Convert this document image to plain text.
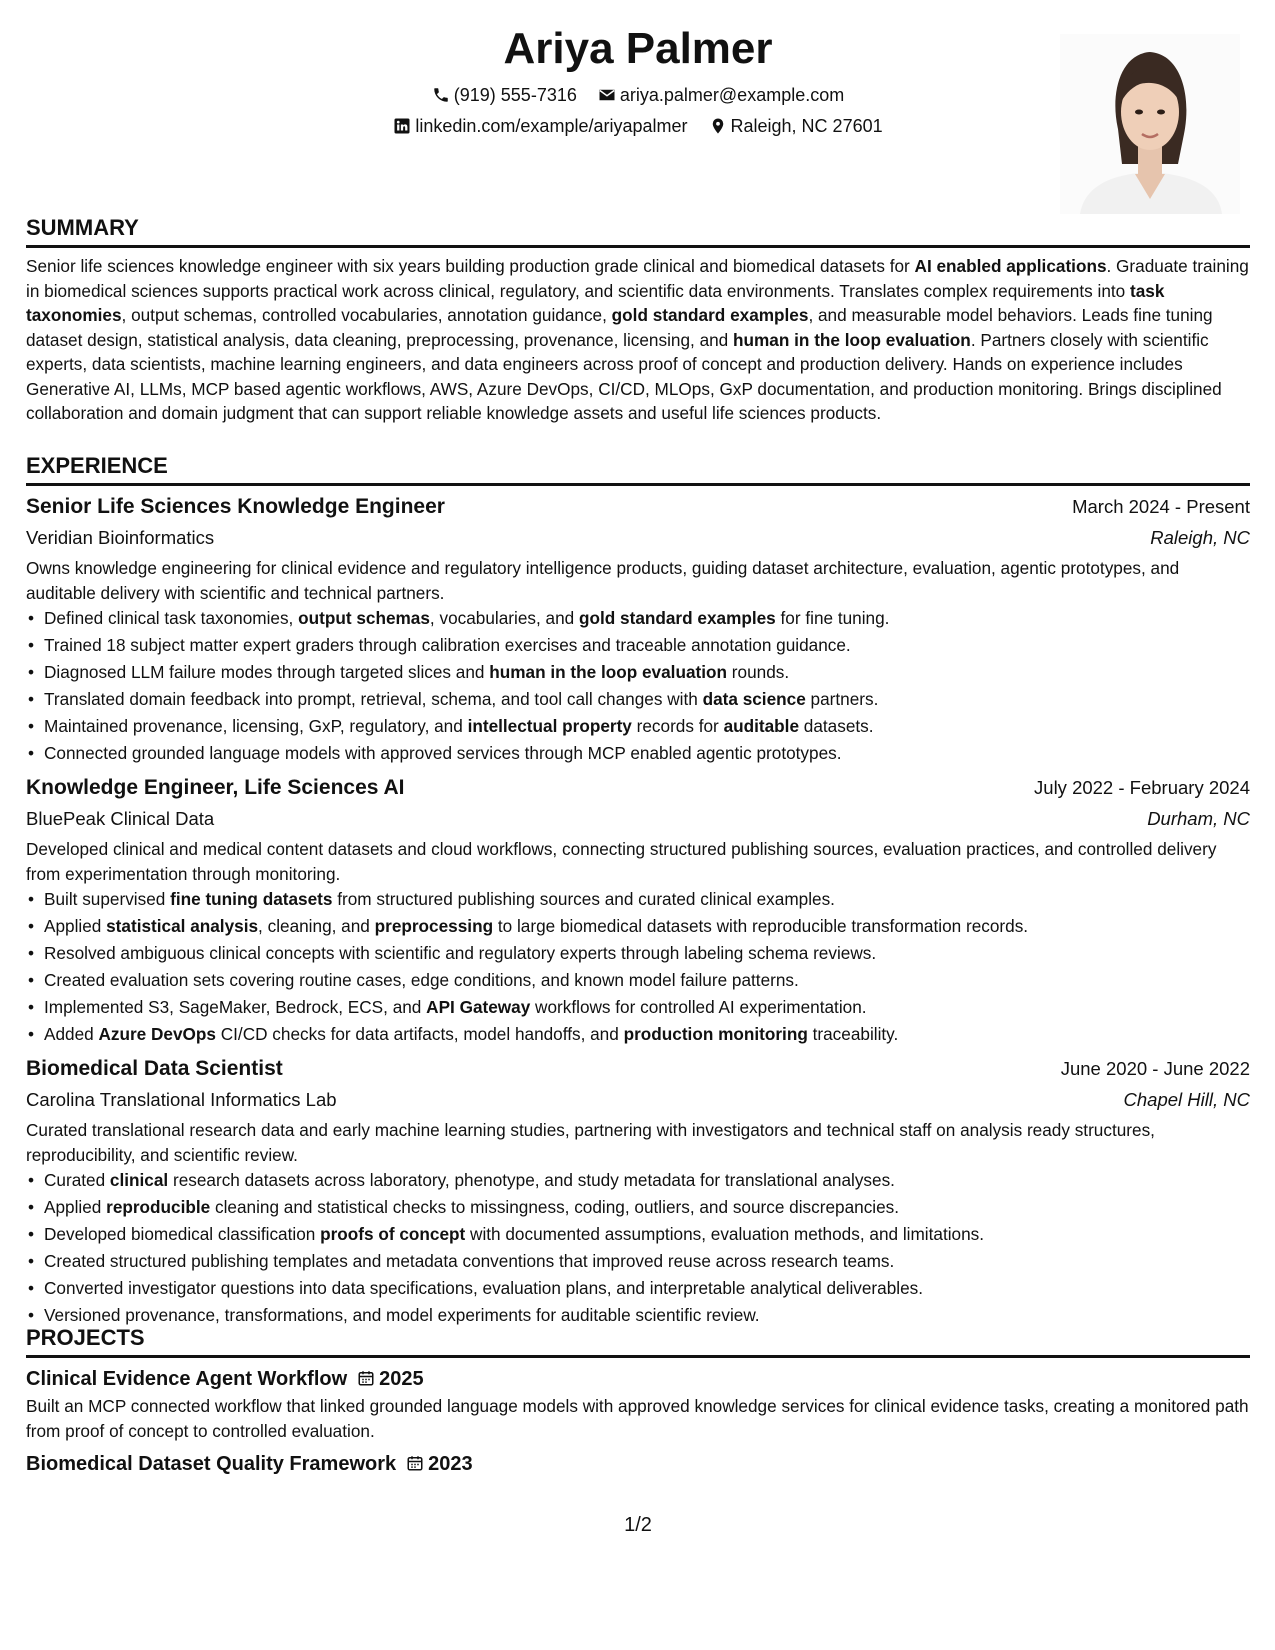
Ariya Palmer
(919) 555-7316 ariya.palmer@example.com
linkedin.com/example/ariyapalmer Raleigh, NC 27601
SUMMARY

Senior life sciences knowledge engineer with six years building production grade clinical and biomedical datasets for AI enabled applications. Graduate training in biomedical sciences supports practical work across clinical, regulatory, and scientific data environments. Translates complex requirements into task taxonomies, output schemas, controlled vocabularies, annotation guidance, gold standard examples, and measurable model behaviors. Leads fine tuning dataset design, statistical analysis, data cleaning, preprocessing, provenance, licensing, and human in the loop evaluation. Partners closely with scientific experts, data scientists, machine learning engineers, and data engineers across proof of concept and production delivery. Hands on experience includes Generative AI, LLMs, MCP based agentic workflows, AWS, Azure DevOps, CI/CD, MLOps, GxP documentation, and production monitoring. Brings disciplined collaboration and domain judgment that can support reliable knowledge assets and useful life sciences products.

EXPERIENCE
Senior Life Sciences Knowledge Engineer	March 2024 - Present
Veridian Bioinformatics	Raleigh, NC

Owns knowledge engineering for clinical evidence and regulatory intelligence products, guiding dataset architecture, evaluation, agentic prototypes, and auditable delivery with scientific and technical partners.

• Defined clinical task taxonomies, output schemas, vocabularies, and gold standard examples for fine tuning.
• Trained 18 subject matter expert graders through calibration exercises and traceable annotation guidance.
• Diagnosed LLM failure modes through targeted slices and human in the loop evaluation rounds.
• Translated domain feedback into prompt, retrieval, schema, and tool call changes with data science partners.
• Maintained provenance, licensing, GxP, regulatory, and intellectual property records for auditable datasets.
• Connected grounded language models with approved services through MCP enabled agentic prototypes.
Knowledge Engineer, Life Sciences AI	July 2022 - February 2024
BluePeak Clinical Data	Durham, NC

Developed clinical and medical content datasets and cloud workflows, connecting structured publishing sources, evaluation practices, and controlled delivery from experimentation through monitoring.

• Built supervised fine tuning datasets from structured publishing sources and curated clinical examples.
• Applied statistical analysis, cleaning, and preprocessing to large biomedical datasets with reproducible transformation records.
• Resolved ambiguous clinical concepts with scientific and regulatory experts through labeling schema reviews.
• Created evaluation sets covering routine cases, edge conditions, and known model failure patterns.
• Implemented S3, SageMaker, Bedrock, ECS, and API Gateway workflows for controlled AI experimentation.
• Added Azure DevOps CI/CD checks for data artifacts, model handoffs, and production monitoring traceability.
Biomedical Data Scientist	June 2020 - June 2022
Carolina Translational Informatics Lab	Chapel Hill, NC

Curated translational research data and early machine learning studies, partnering with investigators and technical staff on analysis ready structures, reproducibility, and scientific review.

• Curated clinical research datasets across laboratory, phenotype, and study metadata for translational analyses.
• Applied reproducible cleaning and statistical checks to missingness, coding, outliers, and source discrepancies.
• Developed biomedical classification proofs of concept with documented assumptions, evaluation methods, and limitations.
• Created structured publishing templates and metadata conventions that improved reuse across research teams.
• Converted investigator questions into data specifications, evaluation plans, and interpretable analytical deliverables.
• Versioned provenance, transformations, and model experiments for auditable scientific review.
PROJECTS
Clinical Evidence Agent Workflow 2025

Built an MCP connected workflow that linked grounded language models with approved knowledge services for clinical evidence tasks, creating a monitored path from proof of concept to controlled evaluation.

Biomedical Dataset Quality Framework 2023
1/2
